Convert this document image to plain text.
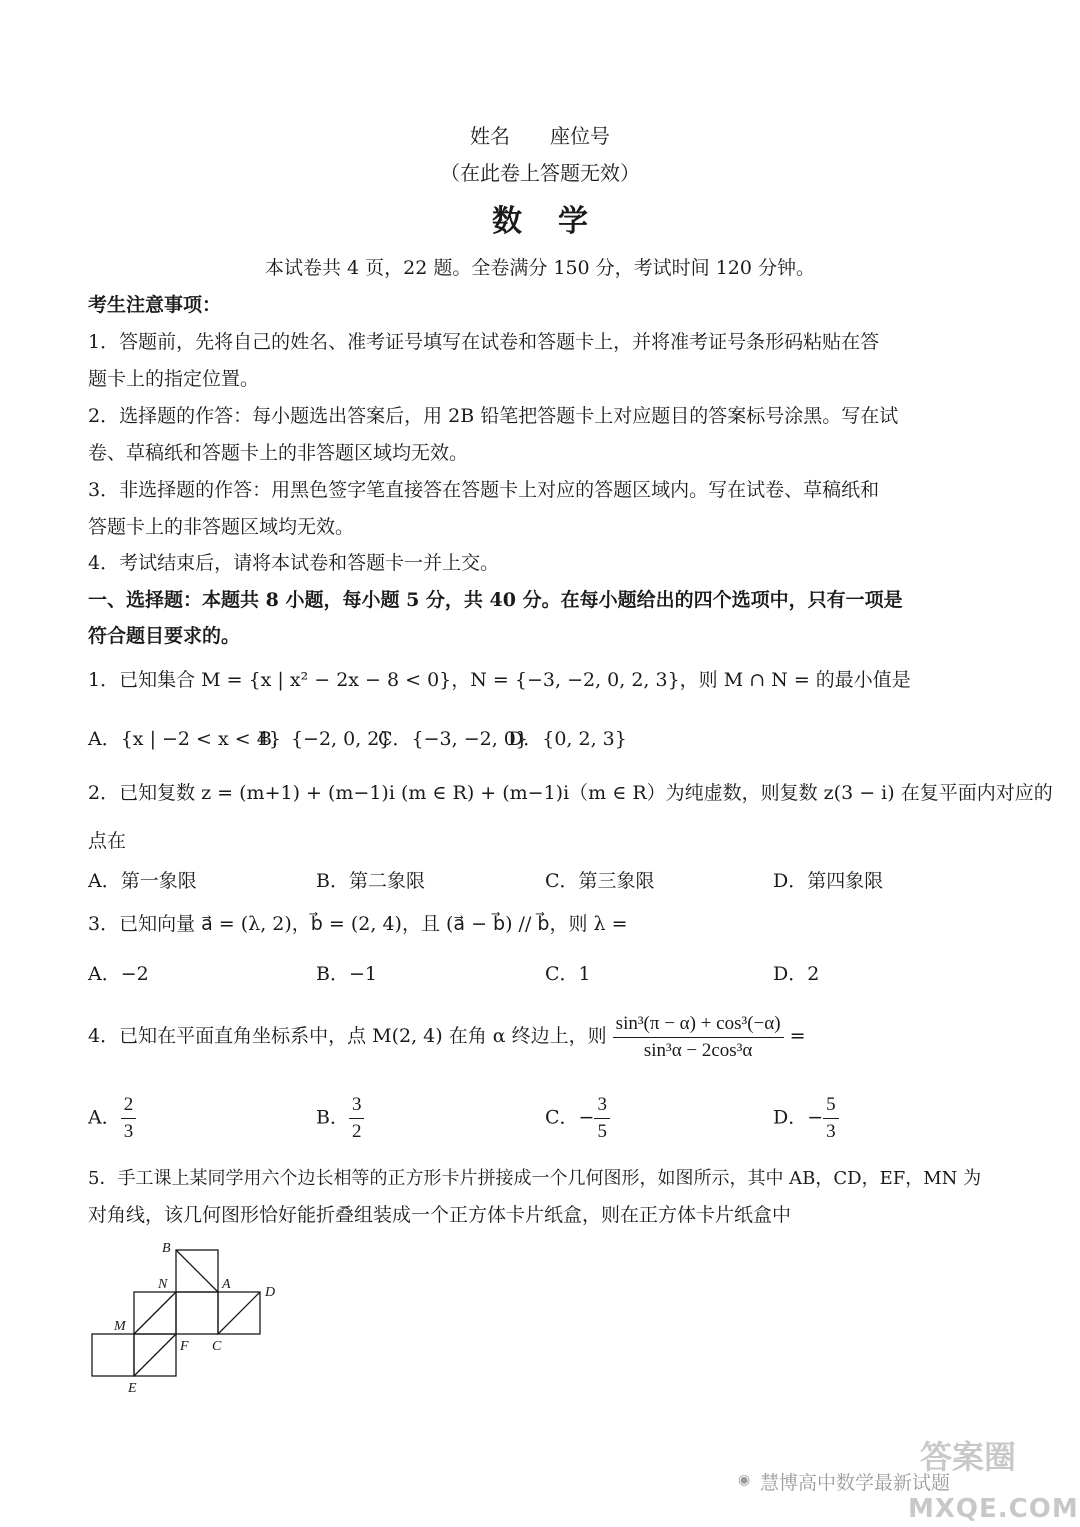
姓名　　座位号
（在此卷上答题无效）
数学
本试卷共 4 页，22 题。全卷满分 150 分，考试时间 120 分钟。
考生注意事项：
1．答题前，先将自己的姓名、准考证号填写在试卷和答题卡上，并将准考证号条形码粘贴在答
题卡上的指定位置。
2．选择题的作答：每小题选出答案后，用 2B 铅笔把答题卡上对应题目的答案标号涂黑。写在试
卷、草稿纸和答题卡上的非答题区域均无效。
3．非选择题的作答：用黑色签字笔直接答在答题卡上对应的答题区域内。写在试卷、草稿纸和
答题卡上的非答题区域均无效。
4．考试结束后，请将本试卷和答题卡一并上交。
一、选择题：本题共 8 小题，每小题 5 分，共 40 分。在每小题给出的四个选项中，只有一项是
符合题目要求的。
1．已知集合 M = {x | x² − 2x − 8 < 0}，N = {−3, −2, 0, 2, 3}，则 M ∩ N = 的最小值是
A．{x | −2 < x < 4}
B．{−2, 0, 2}
C．{−3, −2, 0}
D．{0, 2, 3}
2．已知复数 z = (m+1) + (m−1)i (m ∈ R) + (m−1)i（m ∈ R）为纯虚数，则复数 z(3 − i) 在复平面内对应的
点在
A．第一象限	B．第二象限	C．第三象限	D．第四象限
3．已知向量 a⃗ = (λ, 2)，b⃗ = (2, 4)，且 (a⃗ − b⃗) // b⃗，则 λ =
A．−2	B．−1	C．1	D．2
4．已知在平面直角坐标系中，点 M(2, 4) 在角 α 终边上，则 $\frac{\text{sin³(π − α) + cos³(−α)}}{\text{sin³α − 2cos³α}}$ =
A． $\frac{2}{3}$	B． $\frac{3}{2}$	C．− $\frac{3}{5}$	D．− $\frac{5}{3}$
5．手工课上某同学用六个边长相等的正方形卡片拼接成一个几何图形，如图所示，其中 AB，CD，EF，MN 为
对角线，该几何图形恰好能折叠组装成一个正方体卡片纸盒，则在正方体卡片纸盒中
B
N	A
D
M
F C
E
◉ 慧博高中数学最新试题
答案圈
MXQE.COM
